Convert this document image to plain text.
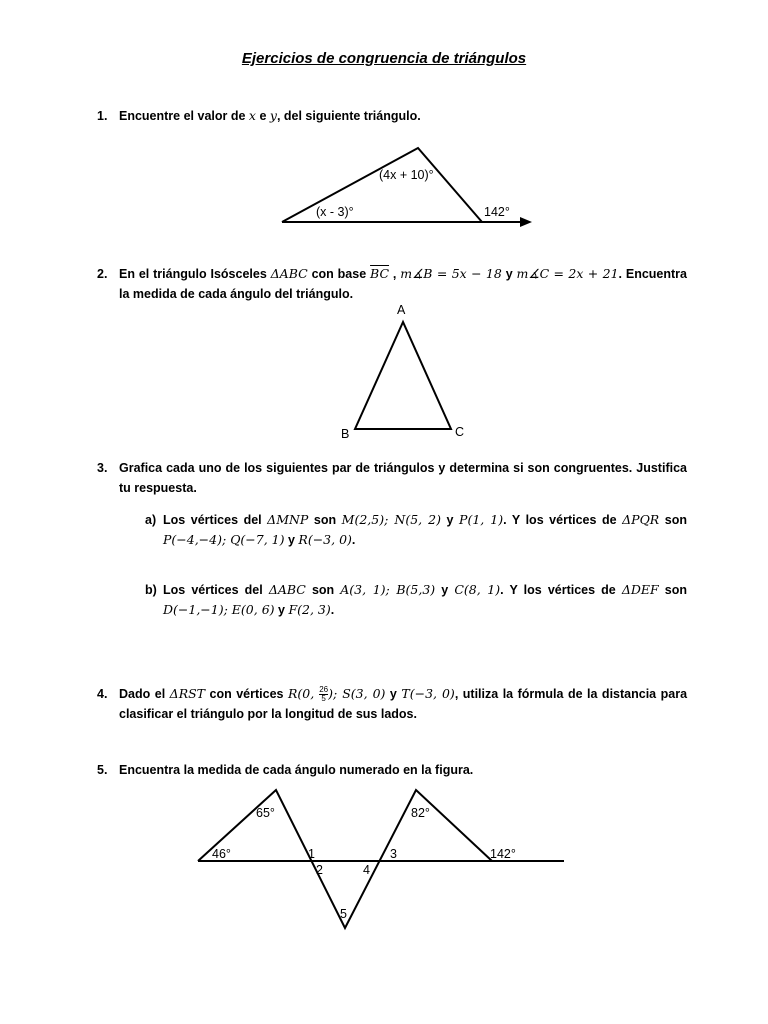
Ejercicios de congruencia de triángulos
1. Encuentre el valor de x e y, del siguiente triángulo.
(4x + 10)°
(x - 3)°	142°
2. En el triángulo Isósceles ΔABC con base $\overline{BC}$ , m∡B = 5x − 18 y m∡C = 2x + 21. Encuentra la medida de cada ángulo del triángulo.
A
B	C
3. Grafica cada uno de los siguientes par de triángulos y determina si son congruentes. Justifica tu respuesta.
a) Los vértices del ΔMNP son M(2,5); N(5, 2) y P(1, 1). Y los vértices de ΔPQR son P(−4,−4); Q(−7, 1) y R(−3, 0).
b) Los vértices del ΔABC son A(3, 1); B(5,3) y C(8, 1). Y los vértices de ΔDEF son D(−1,−1); E(0, 6) y F(2, 3).
4. Dado el ΔRST con vértices R(0, $\frac{26}{5}$ ); S(3, 0) y T(−3, 0), utiliza la fórmula de la distancia para clasificar el triángulo por la longitud de sus lados.
5. Encuentra la medida de cada ángulo numerado en la figura.
65°
46°
82°
142°
1
2
3
4
5
